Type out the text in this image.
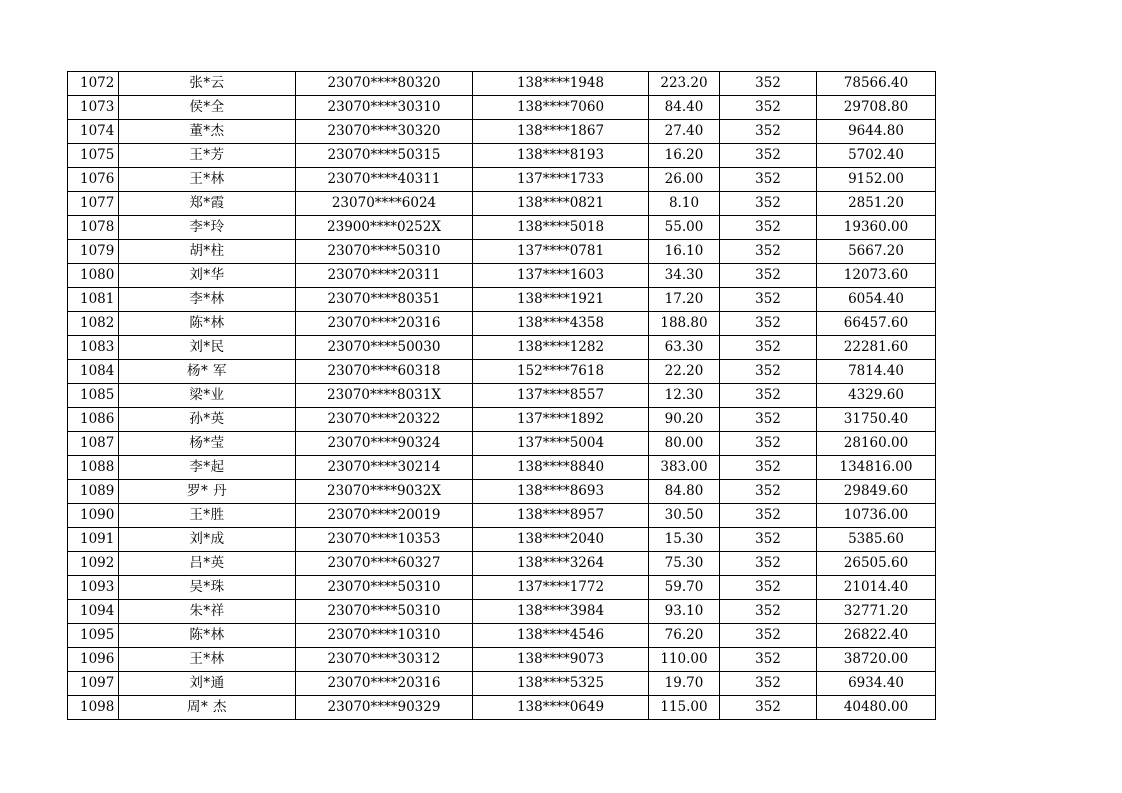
1072	张*云	23070****80320	138****1948	223.20	352	78566.40
1073	侯*全	23070****30310	138****7060	84.40	352	29708.80
1074	董*杰	23070****30320	138****1867	27.40	352	9644.80
1075	王*芳	23070****50315	138****8193	16.20	352	5702.40
1076	王*林	23070****40311	137****1733	26.00	352	9152.00
1077	郑*霞	23070****6024	138****0821	8.10	352	2851.20
1078	李*玲	23900****0252X	138****5018	55.00	352	19360.00
1079	胡*柱	23070****50310	137****0781	16.10	352	5667.20
1080	刘*华	23070****20311	137****1603	34.30	352	12073.60
1081	李*林	23070****80351	138****1921	17.20	352	6054.40
1082	陈*林	23070****20316	138****4358	188.80	352	66457.60
1083	刘*民	23070****50030	138****1282	63.30	352	22281.60
1084	杨* 军	23070****60318	152****7618	22.20	352	7814.40
1085	梁*业	23070****8031X	137****8557	12.30	352	4329.60
1086	孙*英	23070****20322	137****1892	90.20	352	31750.40
1087	杨*莹	23070****90324	137****5004	80.00	352	28160.00
1088	李*起	23070****30214	138****8840	383.00	352	134816.00
1089	罗* 丹	23070****9032X	138****8693	84.80	352	29849.60
1090	王*胜	23070****20019	138****8957	30.50	352	10736.00
1091	刘*成	23070****10353	138****2040	15.30	352	5385.60
1092	吕*英	23070****60327	138****3264	75.30	352	26505.60
1093	吴*珠	23070****50310	137****1772	59.70	352	21014.40
1094	朱*祥	23070****50310	138****3984	93.10	352	32771.20
1095	陈*林	23070****10310	138****4546	76.20	352	26822.40
1096	王*林	23070****30312	138****9073	110.00	352	38720.00
1097	刘*通	23070****20316	138****5325	19.70	352	6934.40
1098	周* 杰	23070****90329	138****0649	115.00	352	40480.00
